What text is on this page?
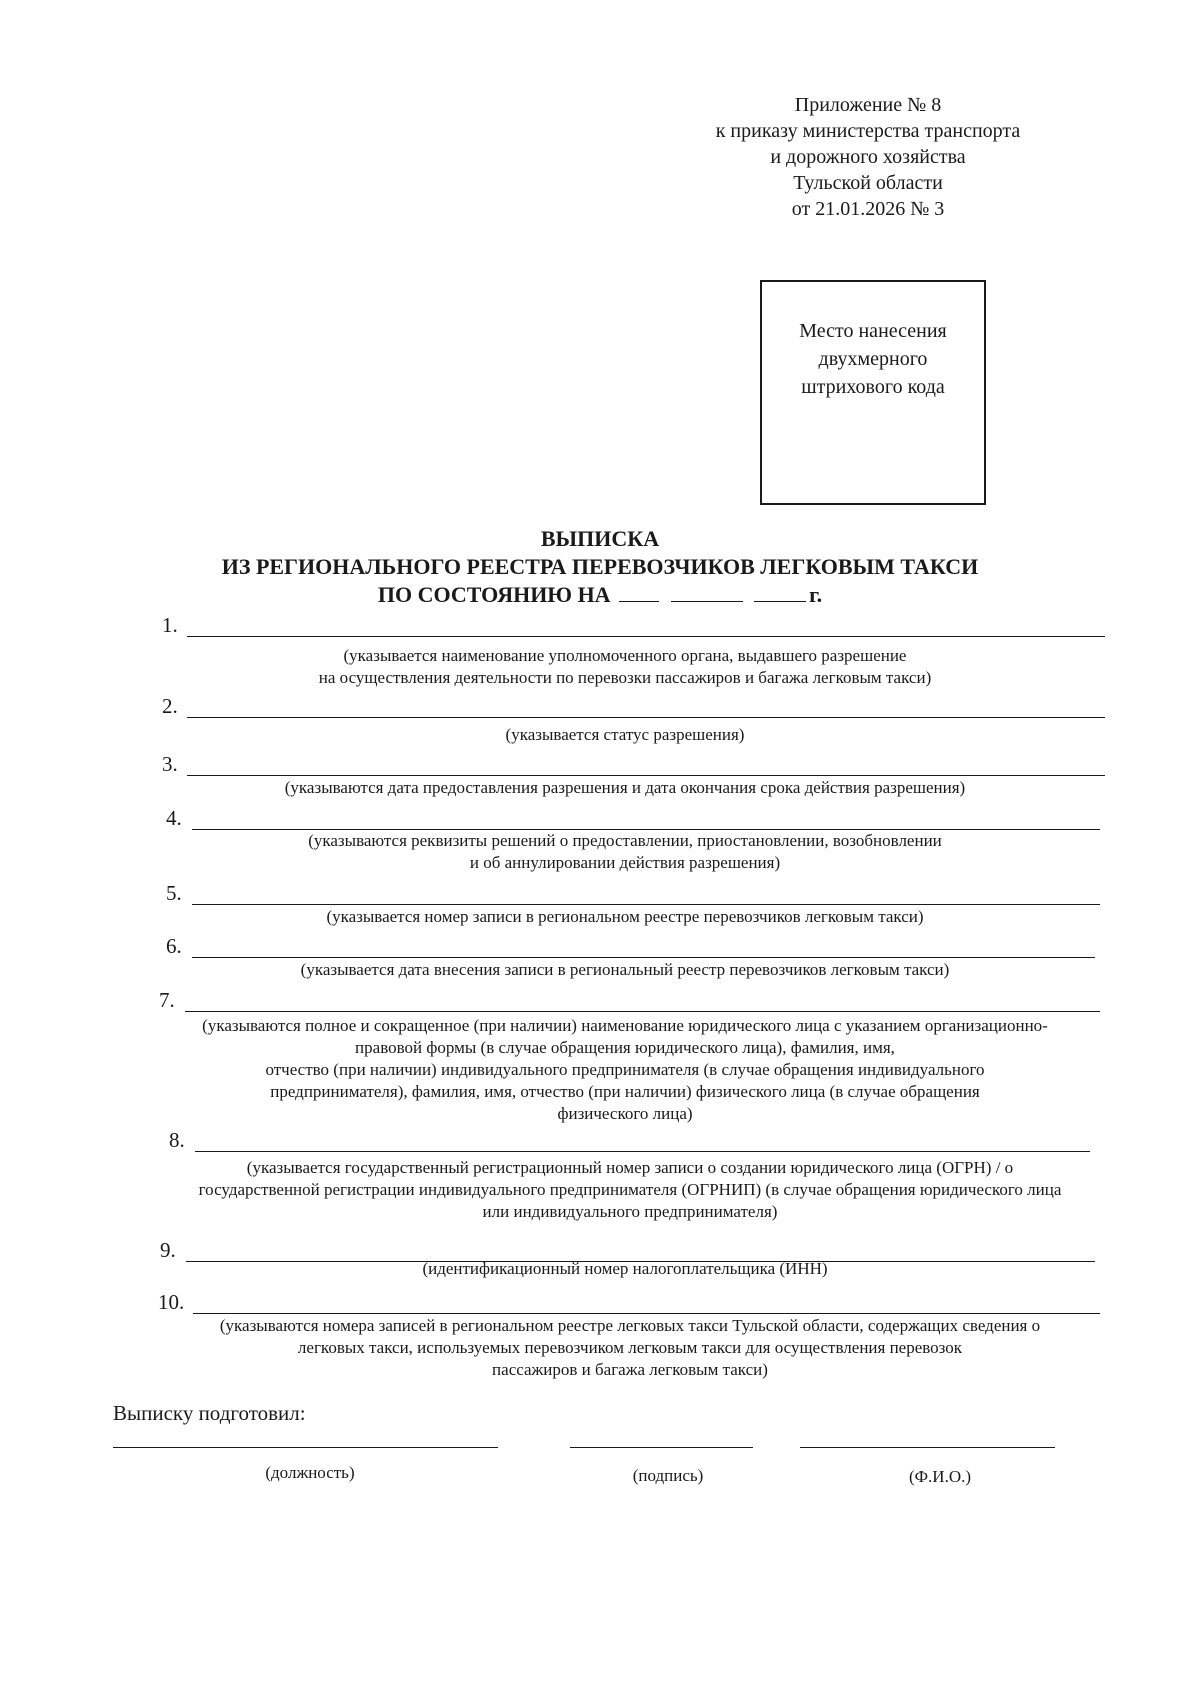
Приложение № 8
к приказу министерства транспорта
и дорожного хозяйства
Тульской области
от 21.01.2026 № 3
Место нанесения
двухмерного
штрихового кода
ВЫПИСКА
ИЗ РЕГИОНАЛЬНОГО РЕЕСТРА ПЕРЕВОЗЧИКОВ ЛЕГКОВЫМ ТАКСИ
ПО СОСТОЯНИЮ НА	г.
1.
(указывается наименование уполномоченного органа, выдавшего разрешение
на осуществления деятельности по перевозки пассажиров и багажа легковым такси)
2.
(указывается статус разрешения)
3.
(указываются дата предоставления разрешения и дата окончания срока действия разрешения)
4.
(указываются реквизиты решений о предоставлении, приостановлении, возобновлении
и об аннулировании действия разрешения)
5.
(указывается номер записи в региональном реестре перевозчиков легковым такси)
6.
(указывается дата внесения записи в региональный реестр перевозчиков легковым такси)
7.
(указываются полное и сокращенное (при наличии) наименование юридического лица с указанием организационно-
правовой формы (в случае обращения юридического лица), фамилия, имя,
отчество (при наличии) индивидуального предпринимателя (в случае обращения индивидуального
предпринимателя), фамилия, имя, отчество (при наличии) физического лица (в случае обращения
физического лица)
8.
(указывается государственный регистрационный номер записи о создании юридического лица (ОГРН) / о
государственной регистрации индивидуального предпринимателя (ОГРНИП) (в случае обращения юридического лица
или индивидуального предпринимателя)
9.
(идентификационный номер налогоплательщика (ИНН)
10.
(указываются номера записей в региональном реестре легковых такси Тульской области, содержащих сведения о
легковых такси, используемых перевозчиком легковым такси для осуществления перевозок
пассажиров и багажа легковым такси)
Выписку подготовил:
(должность)	(подпись)	(Ф.И.О.)
